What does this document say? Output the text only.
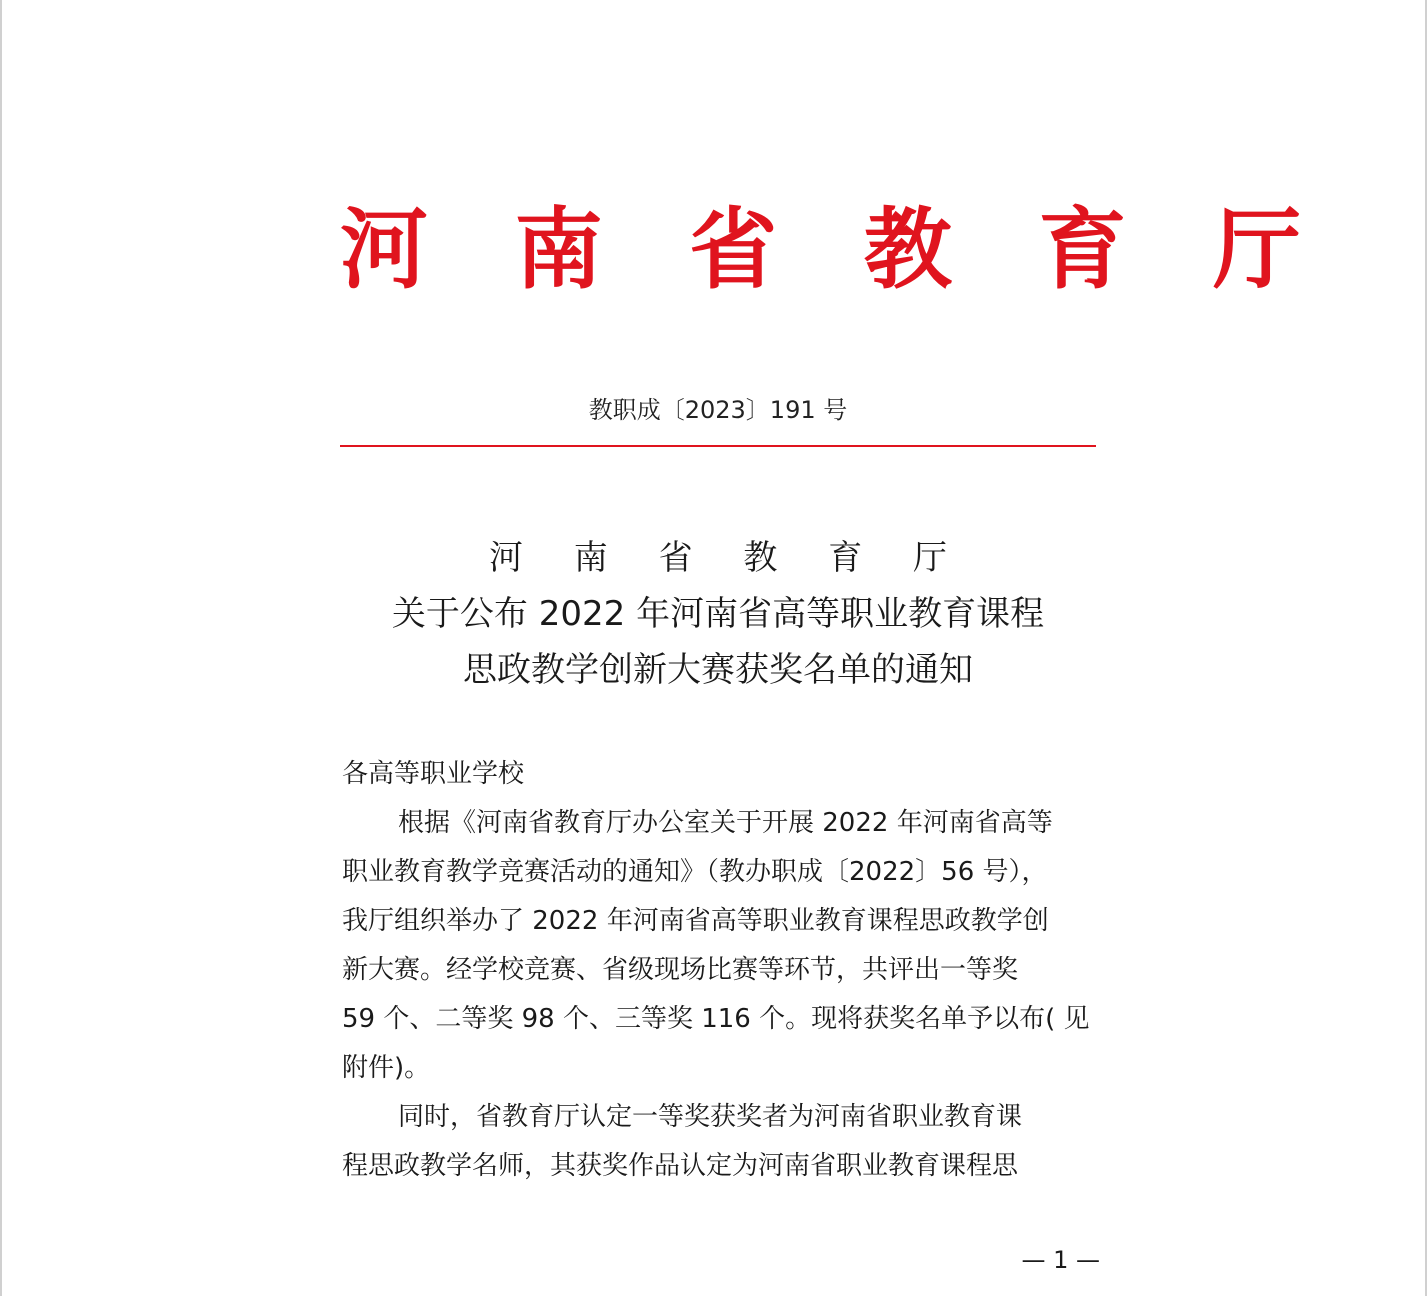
河 南 省 教 育 厅
教职成〔2023〕191 号
河 南 省 教 育 厅
关于公布 2022 年河南省高等职业教育课程
思政教学创新大赛获奖名单的通知
各高等职业学校
根据《河南省教育厅办公室关于开展 2022 年河南省高等
职业教育教学竞赛活动的通知》（教办职成〔2022〕56 号），
我厅组织举办了 2022 年河南省高等职业教育课程思政教学创
新大赛。经学校竞赛、省级现场比赛等环节，共评出一等奖
59 个、二等奖 98 个、三等奖 116 个。现将获奖名单予以布( 见
附件)。
同时，省教育厅认定一等奖获奖者为河南省职业教育课
程思政教学名师，其获奖作品认定为河南省职业教育课程思
— 1 —
